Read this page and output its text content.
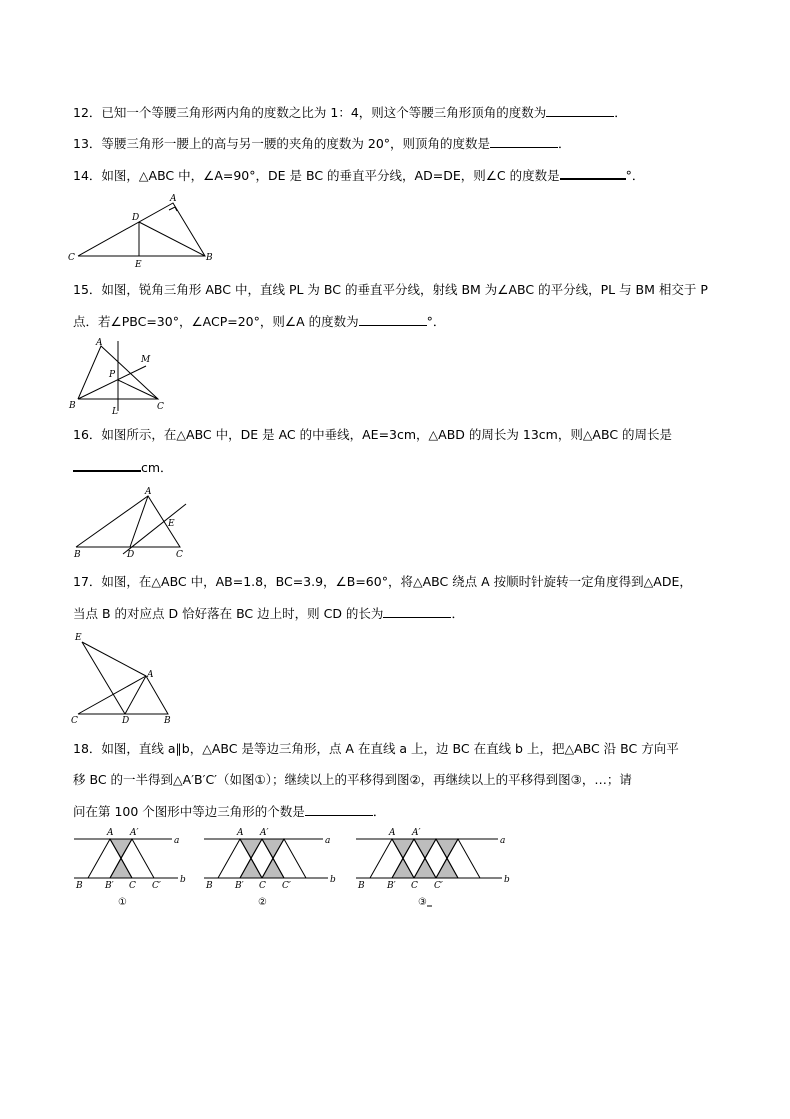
12．已知一个等腰三角形两内角的度数之比为 1：4，则这个等腰三角形顶角的度数为	．
13．等腰三角形一腰上的高与另一腰的夹角的度数为 20°，则顶角的度数是	．
14．如图，△ABC 中，∠A=90°，DE 是 BC 的垂直平分线，AD=DE，则∠C 的度数是	°．
C	B
A
D
E
15．如图，锐角三角形 ABC 中，直线 PL 为 BC 的垂直平分线，射线 BM 为∠ABC 的平分线，PL 与 BM 相交于 P
点．若∠PBC=30°，∠ACP=20°，则∠A 的度数为	°．
A
B	C
L
M
P
16．如图所示，在△ABC 中，DE 是 AC 的中垂线，AE=3cm，△ABD 的周长为 13cm，则△ABC 的周长是
cm．
B	C
A
D
E
17．如图，在△ABC 中，AB=1.8，BC=3.9，∠B=60°，将△ABC 绕点 A 按顺时针旋转一定角度得到△ADE，
当点 B 的对应点 D 恰好落在 BC 边上时，则 CD 的长为	．
E
A
C	D	B
18．如图，直线 a∥b，△ABC 是等边三角形，点 A 在直线 a 上，边 BC 在直线 b 上，把△ABC 沿 BC 方向平
移 BC 的一半得到△A′B′C′（如图①）；继续以上的平移得到图②，再继续以上的平移得到图③，…；请
问在第 100 个图形中等边三角形的个数是	．
A A′
a
B B′ C C′
b
①
A A′
a
B B′ C C′
b
②
A A′
a
B B′ C C′
b
③
